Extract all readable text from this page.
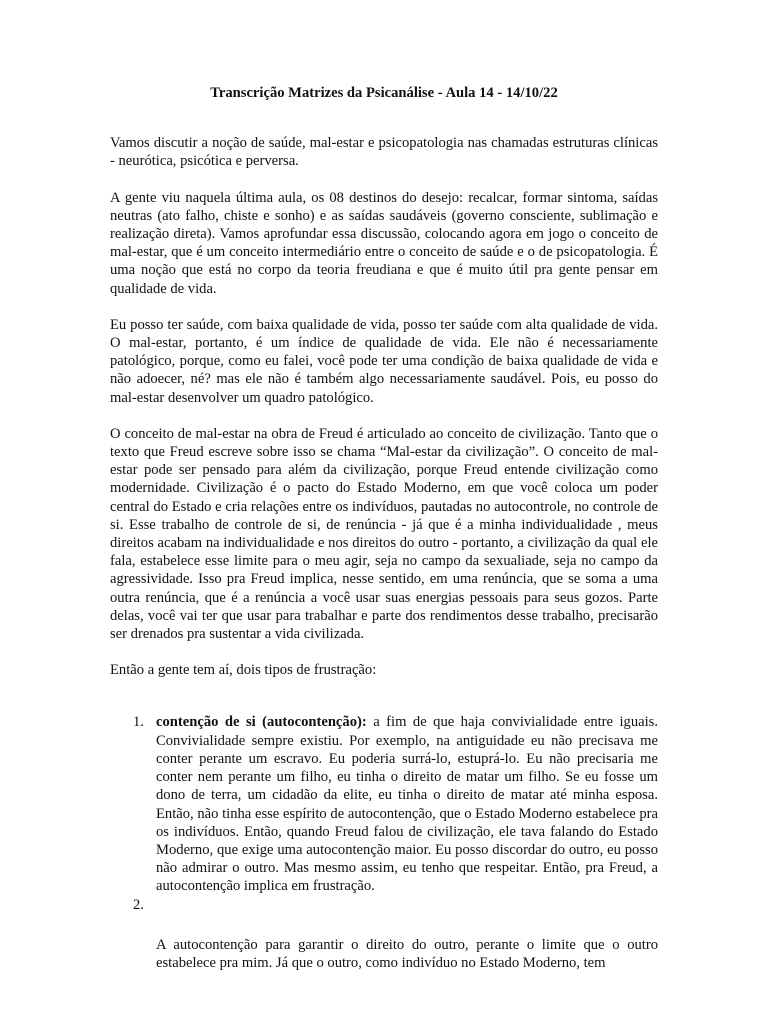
Transcrição Matrizes da Psicanálise - Aula 14 - 14/10/22

Vamos discutir a noção de saúde, mal-estar e psicopatologia nas chamadas estruturas clínicas - neurótica, psicótica e perversa.

A gente viu naquela última aula, os 08 destinos do desejo: recalcar, formar sintoma, saídas neutras (ato falho, chiste e sonho) e as saídas saudáveis (governo consciente, sublimação e realização direta). Vamos aprofundar essa discussão, colocando agora em jogo o conceito de mal-estar, que é um conceito intermediário entre o conceito de saúde e o de psicopatologia. É uma noção que está no corpo da teoria freudiana e que é muito útil pra gente pensar em qualidade de vida.

Eu posso ter saúde, com baixa qualidade de vida, posso ter saúde com alta qualidade de vida. O mal-estar, portanto, é um índice de qualidade de vida. Ele não é necessariamente patológico, porque, como eu falei, você pode ter uma condição de baixa qualidade de vida e não adoecer, né? mas ele não é também algo necessariamente saudável. Pois, eu posso do mal-estar desenvolver um quadro patológico.

O conceito de mal-estar na obra de Freud é articulado ao conceito de civilização. Tanto que o texto que Freud escreve sobre isso se chama “Mal-estar da civilização”. O conceito de mal-estar pode ser pensado para além da civilização, porque Freud entende civilização como modernidade. Civilização é o pacto do Estado Moderno, em que você coloca um poder central do Estado e cria relações entre os indivíduos, pautadas no autocontrole, no controle de si. Esse trabalho de controle de si, de renúncia - já que é a minha individualidade , meus direitos acabam na individualidade e nos direitos do outro - portanto, a civilização da qual ele fala, estabelece esse limite para o meu agir, seja no campo da sexualiade, seja no campo da agressividade. Isso pra Freud implica, nesse sentido, em uma renúncia, que se soma a uma outra renúncia, que é a renúncia a você usar suas energias pessoais para seus gozos. Parte delas, você vai ter que usar para trabalhar e parte dos rendimentos desse trabalho, precisarão ser drenados pra sustentar a vida civilizada.

Então a gente tem aí, dois tipos de frustração:

1. contenção de si (autocontenção): a fim de que haja convivialidade entre iguais. Convivialidade sempre existiu. Por exemplo, na antiguidade eu não precisava me conter perante um escravo. Eu poderia surrá-lo, estuprá-lo. Eu não precisaria me conter nem perante um filho, eu tinha o direito de matar um filho. Se eu fosse um dono de terra, um cidadão da elite, eu tinha o direito de matar até minha esposa. Então, não tinha esse espírito de autocontenção, que o Estado Moderno estabelece pra os indivíduos. Então, quando Freud falou de civilização, ele tava falando do Estado Moderno, que exige uma autocontenção maior. Eu posso discordar do outro, eu posso não admirar o outro. Mas mesmo assim, eu tenho que respeitar. Então, pra Freud, a autocontenção implica em frustração.
2.

A autocontenção para garantir o direito do outro, perante o limite que o outro estabelece pra mim. Já que o outro, como indivíduo no Estado Moderno, tem
